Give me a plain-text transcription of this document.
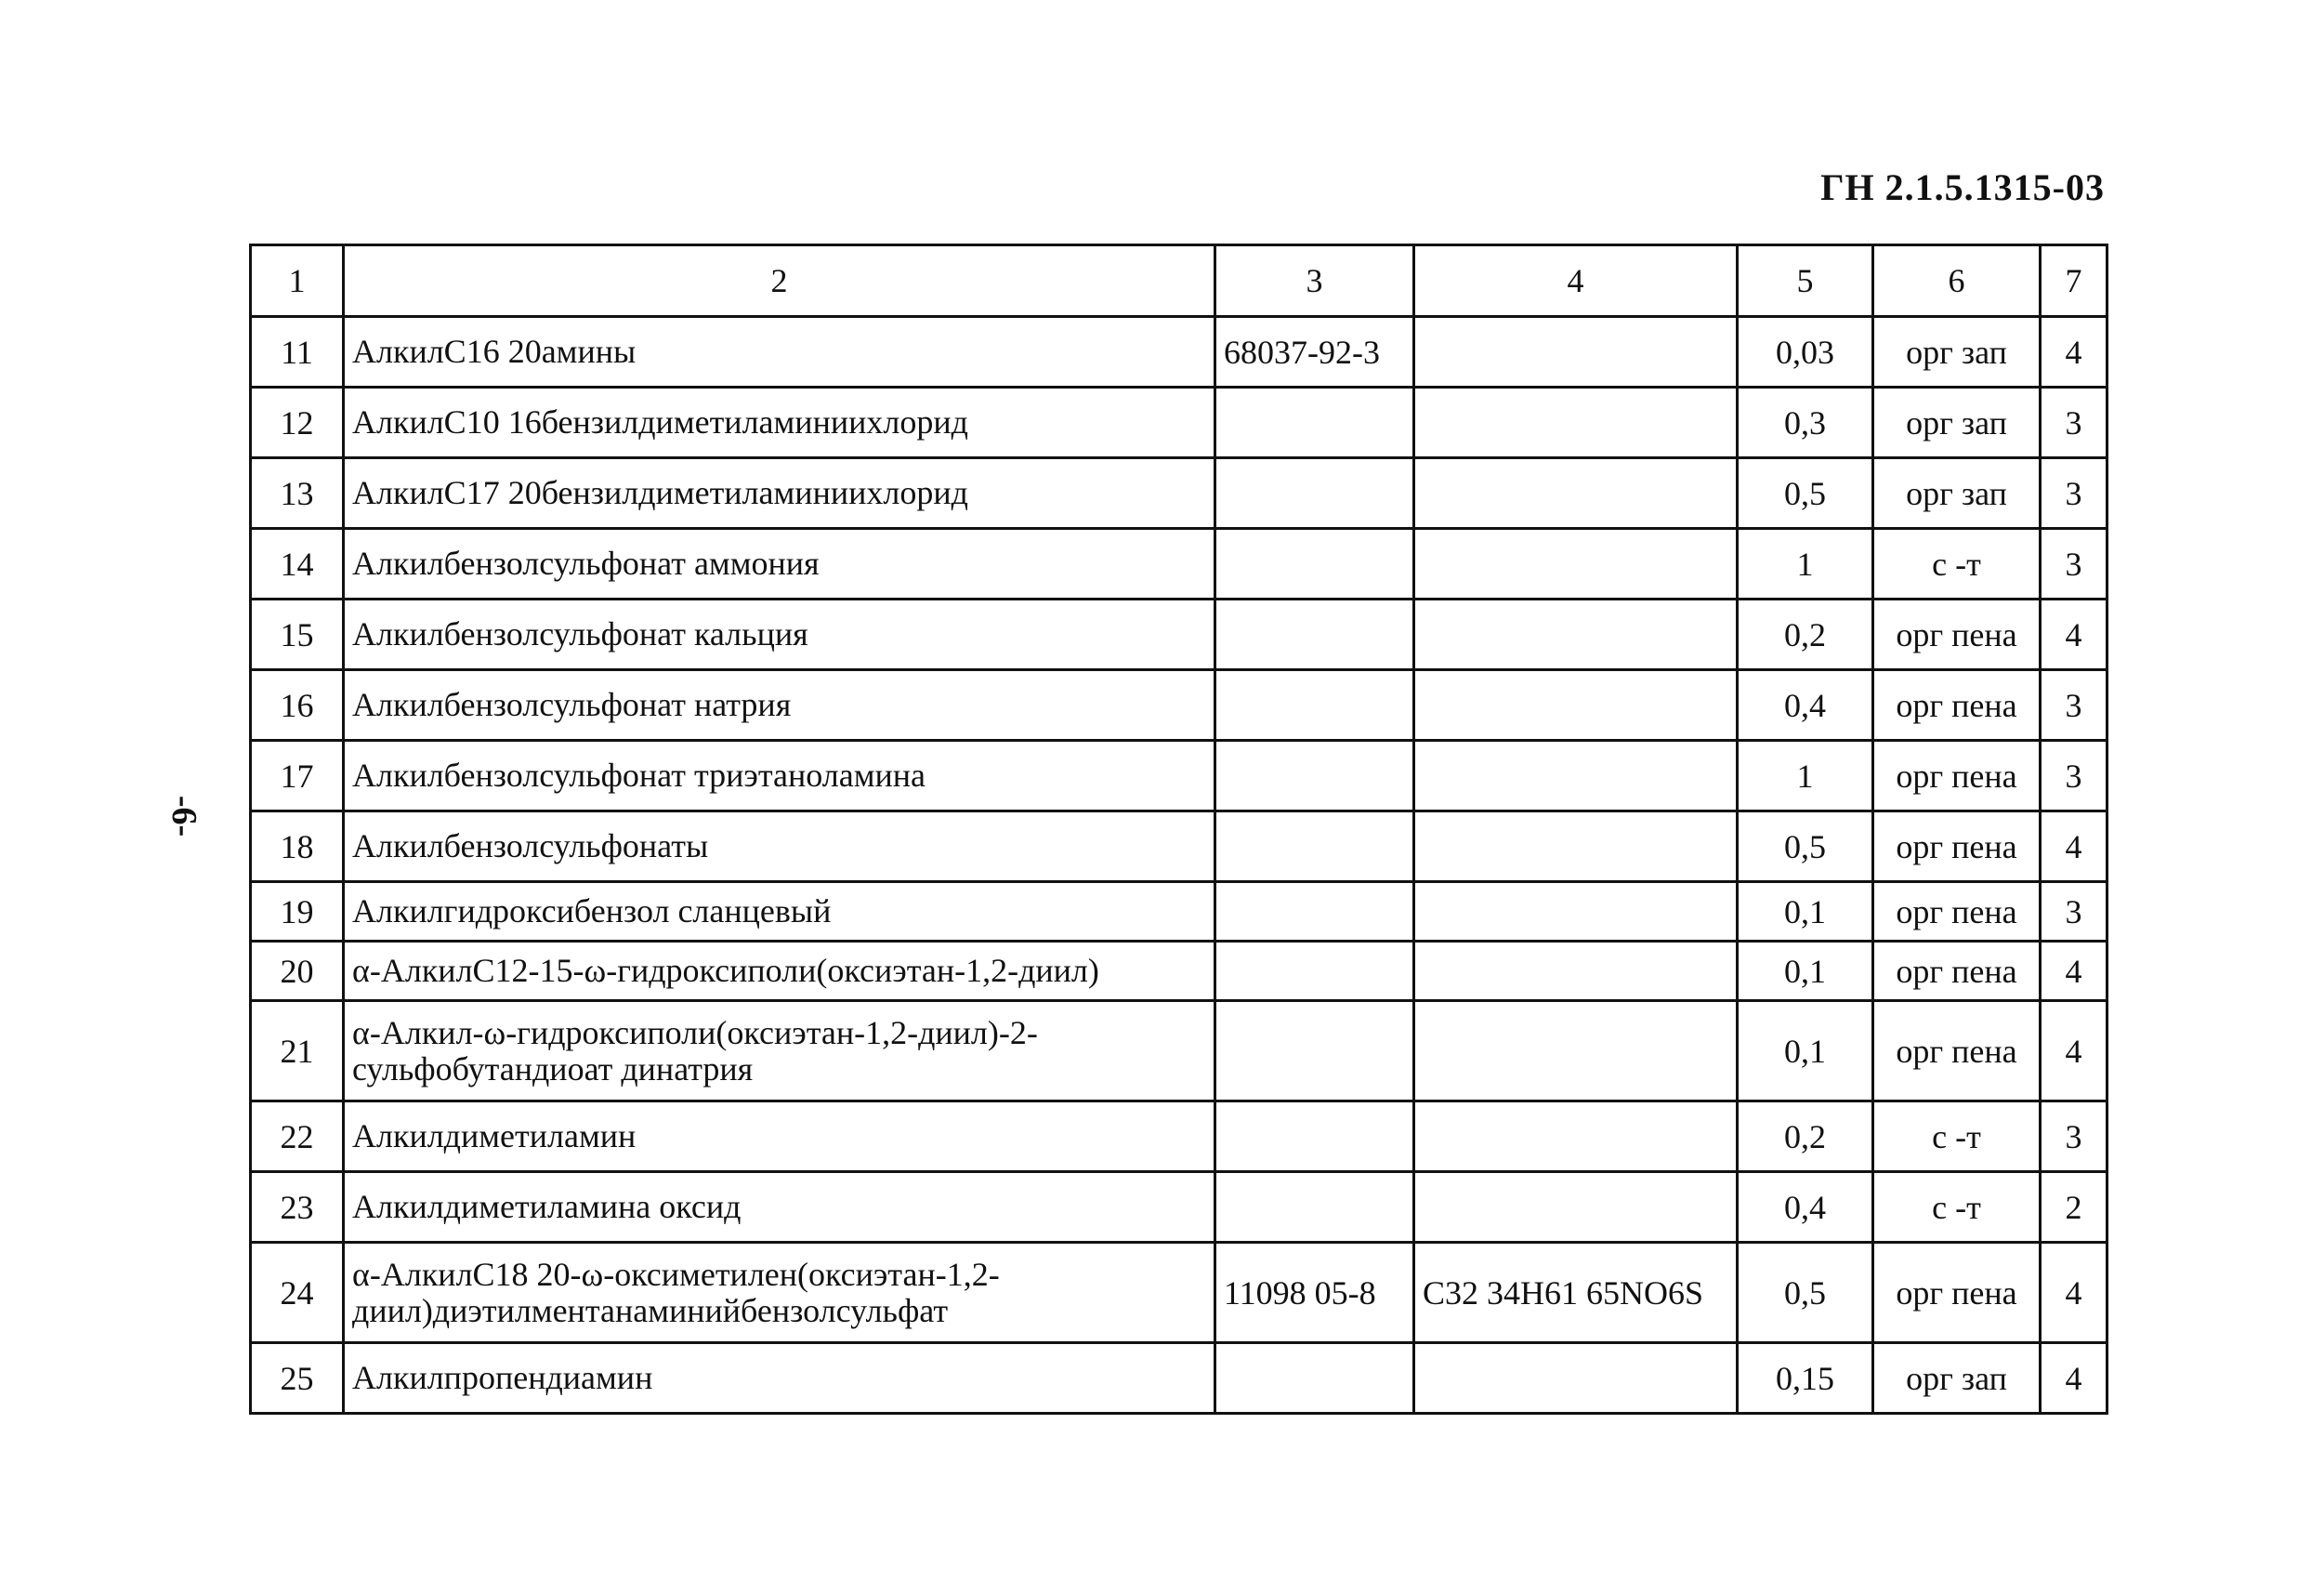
ГН 2.1.5.1315-03
-6-
1	2	3	4	5	6	7
11	АлкилC16 20амины	68037-92-3		0,03	орг зап	4
12	АлкилC10 16бензилдиметиламиниихлорид			0,3	орг зап	3
13	АлкилC17 20бензилдиметиламиниихлорид			0,5	орг зап	3
14	Алкилбензолсульфонат аммония			1	с -т	3
15	Алкилбензолсульфонат кальция			0,2	орг пена	4
16	Алкилбензолсульфонат натрия			0,4	орг пена	3
17	Алкилбензолсульфонат триэтаноламина			1	орг пена	3
18	Алкилбензолсульфонаты			0,5	орг пена	4
19	Алкилгидроксибензол сланцевый			0,1	орг пена	3
20	α-АлкилC12-15-ω-гидроксиполи(оксиэтан-1,2-диил)			0,1	орг пена	4
21	α-Алкил-ω-гидроксиполи(оксиэтан-1,2-диил)-2-сульфобутандиоат динатрия			0,1	орг пена	4
22	Алкилдиметиламин			0,2	с -т	3
23	Алкилдиметиламина оксид			0,4	с -т	2
24	α-АлкилC18 20-ω-оксиметилен(оксиэтан-1,2-диил)диэтилментанаминийбензолсульфат	11098 05-8	C32 34H61 65NO6S	0,5	орг пена	4
25	Алкилпропендиамин			0,15	орг зап	4
